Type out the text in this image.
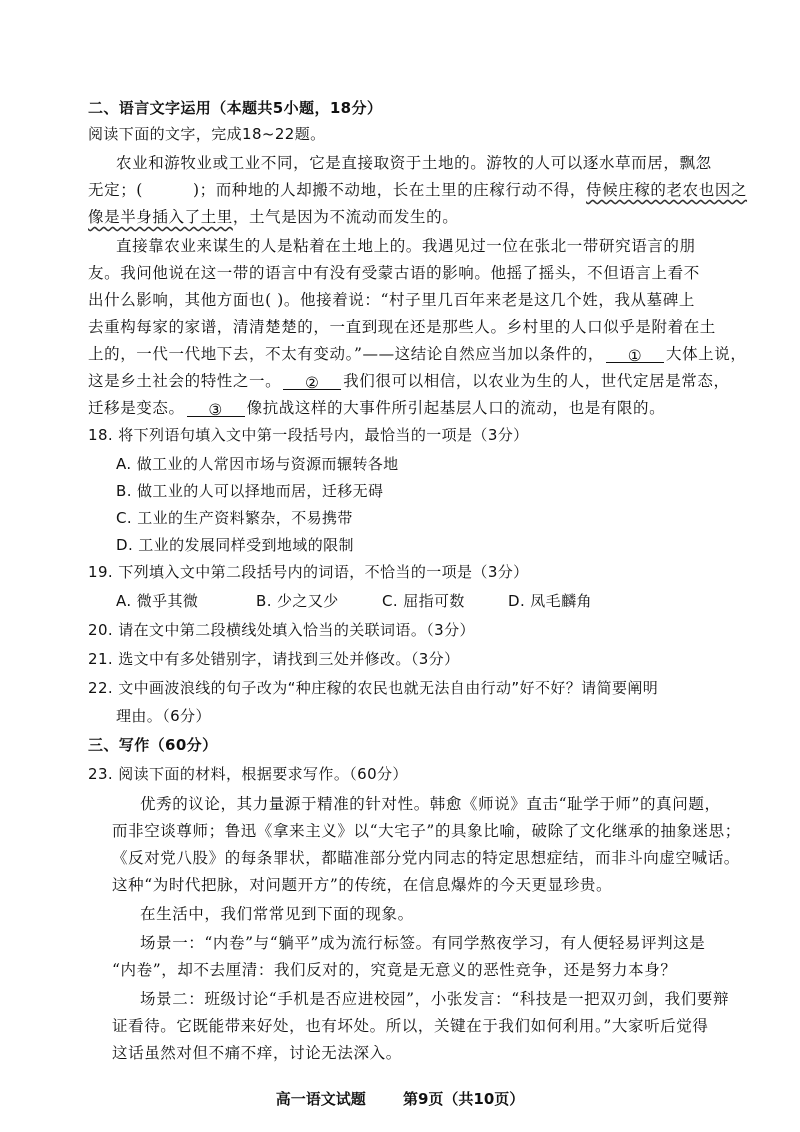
二、语言文字运用（本题共5小题，18分）
阅读下面的文字，完成18~22题。
农业和游牧业或工业不同，它是直接取资于土地的。游牧的人可以逐水草而居，飘忽
无定；(	)；而种地的人却搬不动地，长在土里的庄稼行动不得，侍候庄稼的老农也因之
像是半身插入了土里，土气是因为不流动而发生的。
直接靠农业来谋生的人是粘着在土地上的。我遇见过一位在张北一带研究语言的朋
友。我问他说在这一带的语言中有没有受蒙古语的影响。他摇了摇头，不但语言上看不
出什么影响，其他方面也( )。他接着说：“村子里几百年来老是这几个姓，我从墓碑上
去重构每家的家谱，清清楚楚的，一直到现在还是那些人。乡村里的人口似乎是附着在土
上的，一代一代地下去，不太有变动。”——这结论自然应当加以条件的， ① 大体上说，
这是乡土社会的特性之一。 ② 我们很可以相信，以农业为生的人，世代定居是常态，
迁移是变态。 ③ 像抗战这样的大事件所引起基层人口的流动，也是有限的。
18. 将下列语句填入文中第一段括号内，最恰当的一项是（3分）
A. 做工业的人常因市场与资源而辗转各地
B. 做工业的人可以择地而居，迁移无碍
C. 工业的生产资料繁杂，不易携带
D. 工业的发展同样受到地域的限制
19. 下列填入文中第二段括号内的词语，不恰当的一项是（3分）
A. 微乎其微	B. 少之又少	C. 屈指可数	D. 凤毛麟角
20. 请在文中第二段横线处填入恰当的关联词语。（3分）
21. 选文中有多处错别字，请找到三处并修改。（3分）
22. 文中画波浪线的句子改为“种庄稼的农民也就无法自由行动”好不好？请简要阐明
理由。（6分）
三、写作（60分）
23. 阅读下面的材料，根据要求写作。（60分）
优秀的议论，其力量源于精准的针对性。韩愈《师说》直击“耻学于师”的真问题，
而非空谈尊师；鲁迅《拿来主义》以“大宅子”的具象比喻，破除了文化继承的抽象迷思；
《反对党八股》的每条罪状，都瞄准部分党内同志的特定思想症结，而非斗向虚空喊话。
这种“为时代把脉，对问题开方”的传统，在信息爆炸的今天更显珍贵。
在生活中，我们常常见到下面的现象。
场景一：“内卷”与“躺平”成为流行标签。有同学熬夜学习，有人便轻易评判这是
“内卷”，却不去厘清：我们反对的，究竟是无意义的恶性竞争，还是努力本身？
场景二：班级讨论“手机是否应进校园”，小张发言：“科技是一把双刃剑，我们要辩
证看待。它既能带来好处，也有坏处。所以，关键在于我们如何利用。”大家听后觉得
这话虽然对但不痛不痒，讨论无法深入。
高一语文试题 第9页（共10页）
